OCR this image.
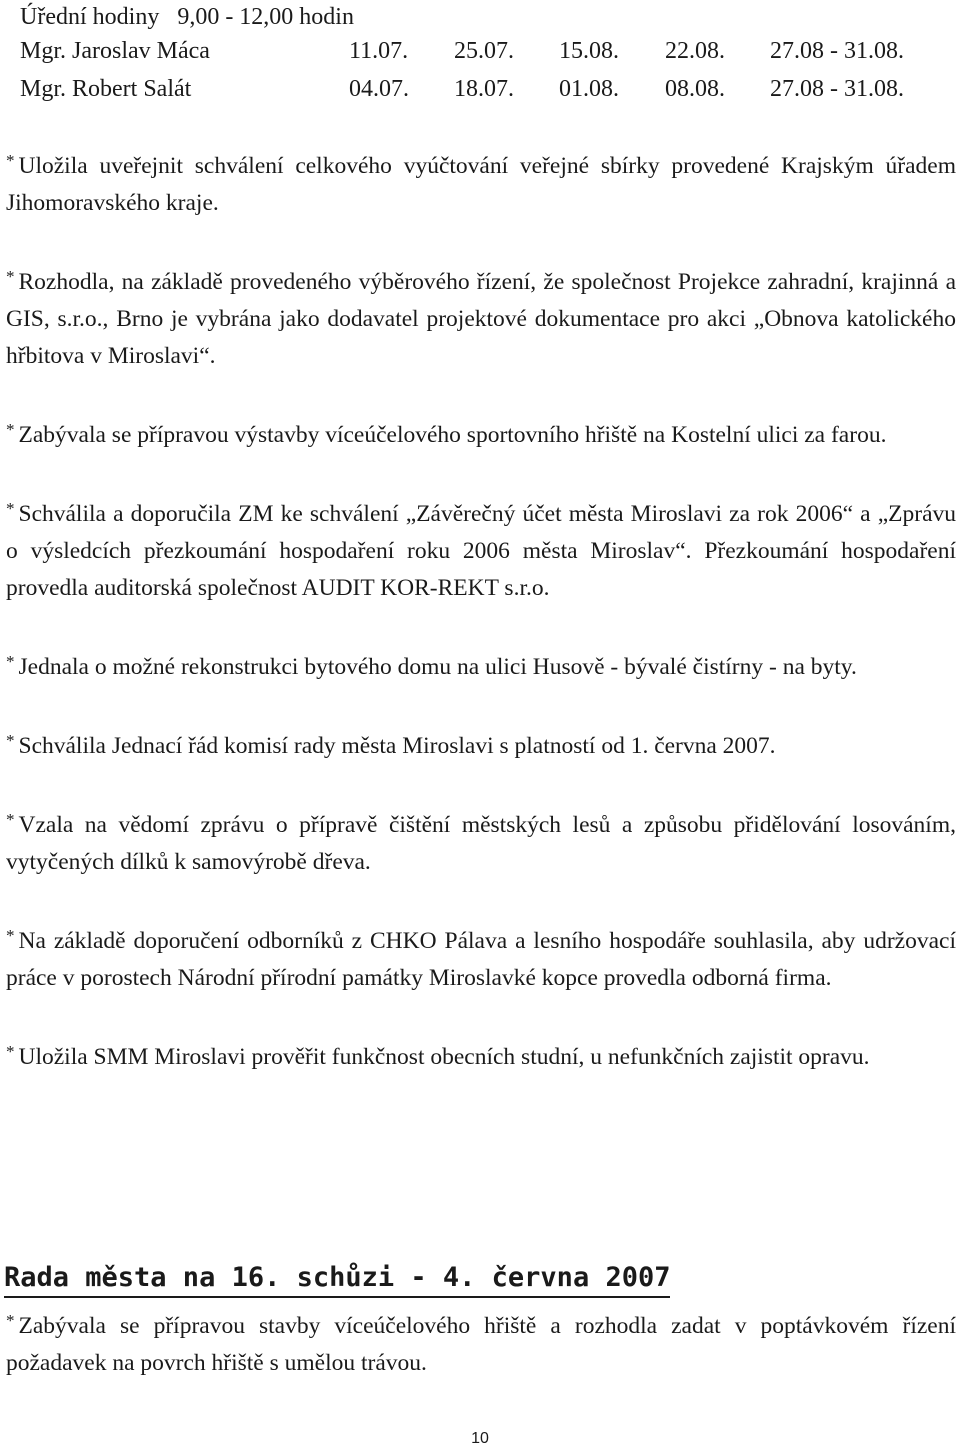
Úřední hodiny 9,00 - 12,00 hodin
Mgr. Jaroslav Máca	11.07. 25.07. 15.08. 22.08. 27.08 - 31.08.
Mgr. Robert Salát	04.07. 18.07. 01.08. 08.08. 27.08 - 31.08.

* Uložila uveřejnit schválení celkového vyúčtování veřejné sbírky provedené Krajským úřadem Jihomoravského kraje.

* Rozhodla, na základě provedeného výběrového řízení, že společnost Projekce zahradní, krajinná a GIS, s.r.o., Brno je vybrána jako dodavatel projektové dokumentace pro akci „Obnova katolického hřbitova v Miroslavi“.

* Zabývala se přípravou výstavby víceúčelového sportovního hřiště na Kostelní ulici za farou.

* Schválila a doporučila ZM ke schválení „Závěrečný účet města Miroslavi za rok 2006“ a „Zprávu o výsledcích přezkoumání hospodaření roku 2006 města Miroslav“. Přezkoumání hospodaření provedla auditorská společnost AUDIT KOR-REKT s.r.o.

* Jednala o možné rekonstrukci bytového domu na ulici Husově - bývalé čistírny - na byty.

* Schválila Jednací řád komisí rady města Miroslavi s platností od 1. června 2007.

* Vzala na vědomí zprávu o přípravě čištění městských lesů a způsobu přidělování losováním, vytyčených dílků k samovýrobě dřeva.

* Na základě doporučení odborníků z CHKO Pálava a lesního hospodáře souhlasila, aby udržovací práce v porostech Národní přírodní památky Miroslavké kopce provedla odborná firma.

* Uložila SMM Miroslavi prověřit funkčnost obecních studní, u nefunkčních zajistit opravu.

Rada města na 16. schůzi - 4. června 2007

* Zabývala se přípravou stavby víceúčelového hřiště a rozhodla zadat v poptávkovém řízení požadavek na povrch hřiště s umělou trávou.

10
